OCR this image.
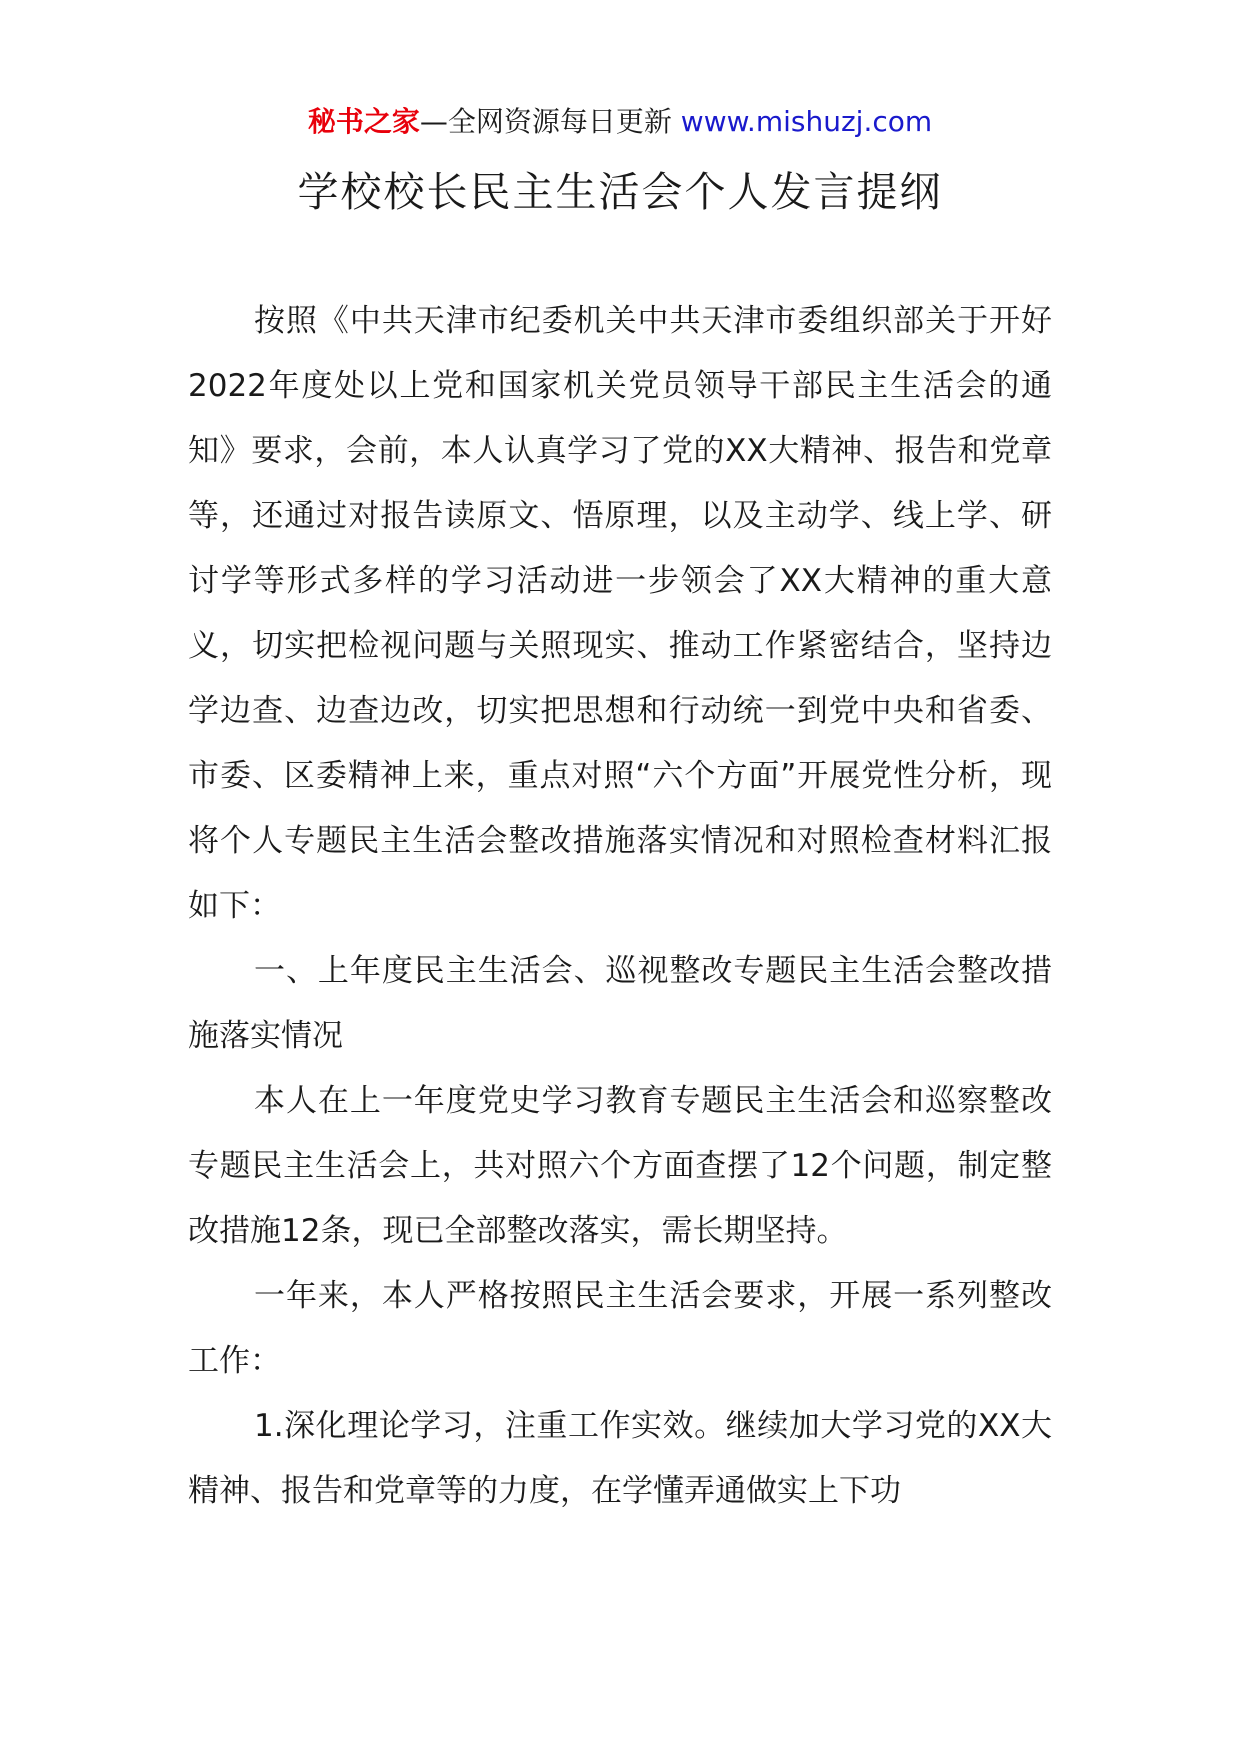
秘书之家—全网资源每日更新 www.mishuzj.com
学校校长民主生活会个人发言提纲

按照《中共天津市纪委机关中共天津市委组织部关于开好2022年度处以上党和国家机关党员领导干部民主生活会的通知》要求，会前，本人认真学习了党的XX大精神、报告和党章等，还通过对报告读原文、悟原理，以及主动学、线上学、研讨学等形式多样的学习活动进一步领会了XX大精神的重大意义，切实把检视问题与关照现实、推动工作紧密结合，坚持边学边查、边查边改，切实把思想和行动统一到党中央和省委、市委、区委精神上来，重点对照“六个方面”开展党性分析，现将个人专题民主生活会整改措施落实情况和对照检查材料汇报如下：

一、上年度民主生活会、巡视整改专题民主生活会整改措施落实情况

本人在上一年度党史学习教育专题民主生活会和巡察整改专题民主生活会上，共对照六个方面查摆了12个问题，制定整改措施12条，现已全部整改落实，需长期坚持。

一年来，本人严格按照民主生活会要求，开展一系列整改工作：

1.深化理论学习，注重工作实效。继续加大学习党的XX大精神、报告和党章等的力度，在学懂弄通做实上下功
